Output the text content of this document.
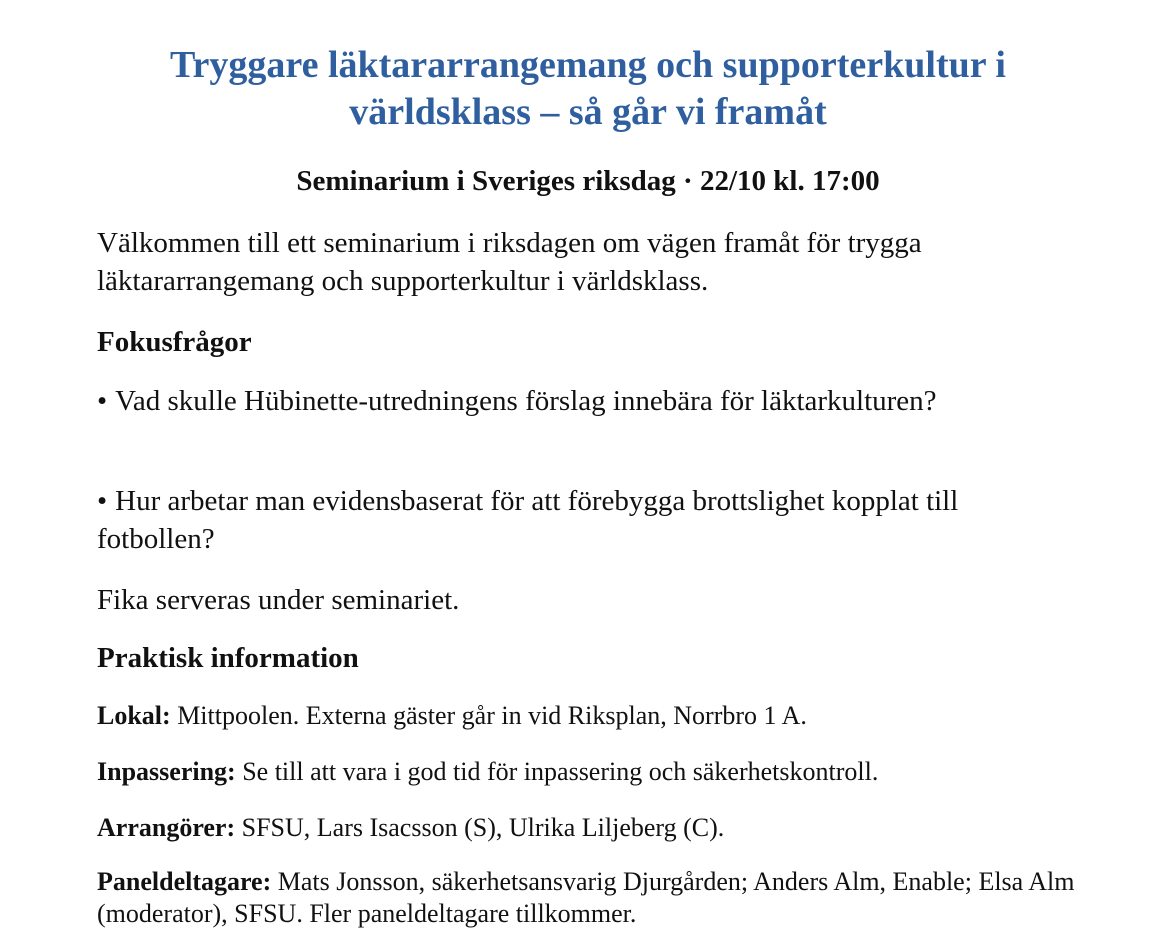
Tryggare läktararrangemang och supporterkultur i världsklass – så går vi framåt
Seminarium i Sveriges riksdag · 22/10 kl. 17:00

Välkommen till ett seminarium i riksdagen om vägen framåt för trygga läktararrangemang och supporterkultur i världsklass.

Fokusfrågor

• Vad skulle Hübinette-utredningens förslag innebära för läktarkulturen?

• Hur arbetar man evidensbaserat för att förebygga brottslighet kopplat till fotbollen?

Fika serveras under seminariet.

Praktisk information

Lokal: Mittpoolen. Externa gäster går in vid Riksplan, Norrbro 1 A.

Inpassering: Se till att vara i god tid för inpassering och säkerhetskontroll.

Arrangörer: SFSU, Lars Isacsson (S), Ulrika Liljeberg (C).

Paneldeltagare: Mats Jonsson, säkerhetsansvarig Djurgården; Anders Alm, Enable; Elsa Alm (moderator), SFSU. Fler paneldeltagare tillkommer.
